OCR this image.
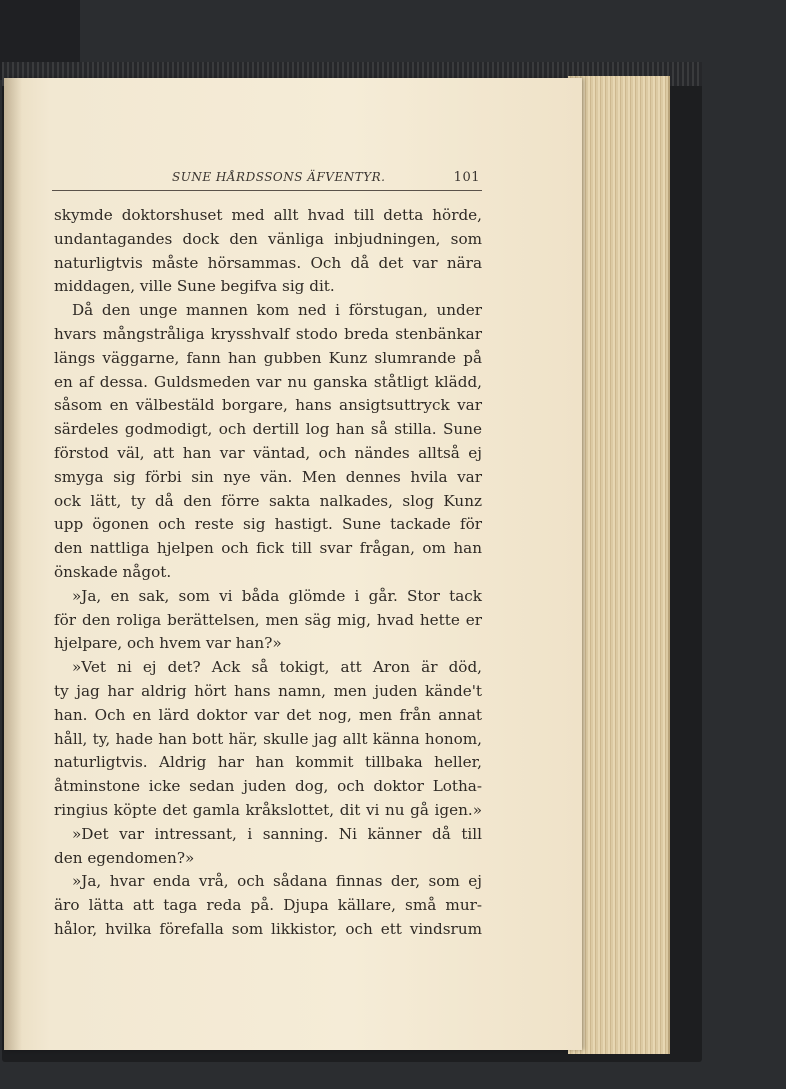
SUNE HÅRDSSONS ÄFVENTYR.	101
skymde doktorshuset med allt hvad till detta hörde,
undantagandes dock den vänliga inbjudningen, som
naturligtvis måste hörsammas. Och då det var nära
middagen, ville Sune begifva sig dit.
Då den unge mannen kom ned i förstugan, under
hvars mångstråliga krysshvalf stodo breda stenbänkar
längs väggarne, fann han gubben Kunz slumrande på
en af dessa. Guldsmeden var nu ganska ståtligt klädd,
såsom en välbestäld borgare, hans ansigtsuttryck var
särdeles godmodigt, och dertill log han så stilla. Sune
förstod väl, att han var väntad, och nändes alltså ej
smyga sig förbi sin nye vän. Men dennes hvila var
ock lätt, ty då den förre sakta nalkades, slog Kunz
upp ögonen och reste sig hastigt. Sune tackade för
den nattliga hjelpen och fick till svar frågan, om han
önskade något.
»Ja, en sak, som vi båda glömde i går. Stor tack
för den roliga berättelsen, men säg mig, hvad hette er
hjelpare, och hvem var han?»
»Vet ni ej det? Ack så tokigt, att Aron är död,
ty jag har aldrig hört hans namn, men juden kände't
han. Och en lärd doktor var det nog, men från annat
håll, ty, hade han bott här, skulle jag allt känna honom,
naturligtvis. Aldrig har han kommit tillbaka heller,
åtminstone icke sedan juden dog, och doktor Lotha-
ringius köpte det gamla kråkslottet, dit vi nu gå igen.»
»Det var intressant, i sanning. Ni känner då till
den egendomen?»
»Ja, hvar enda vrå, och sådana finnas der, som ej
äro lätta att taga reda på. Djupa källare, små mur-
hålor, hvilka förefalla som likkistor, och ett vindsrum
